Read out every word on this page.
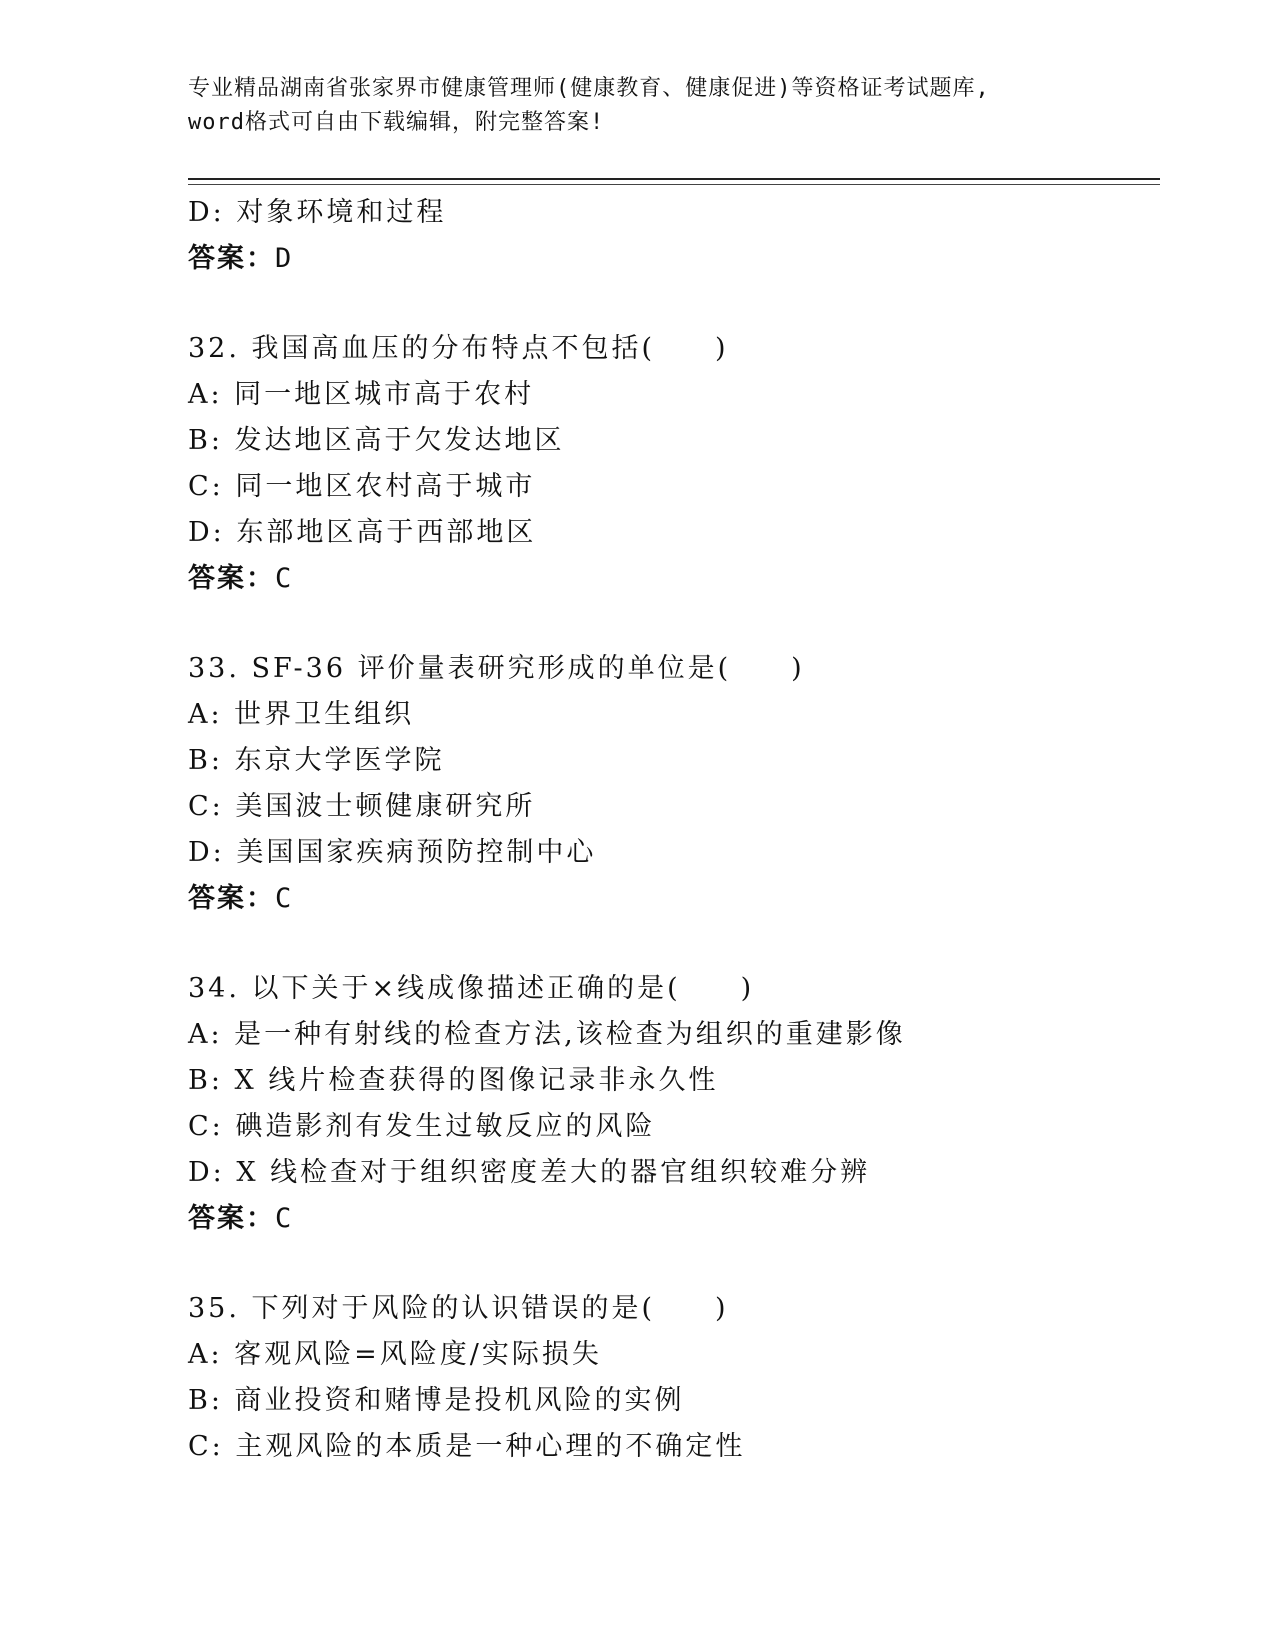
专业精品湖南省张家界市健康管理师(健康教育、健康促进)等资格证考试题库,
word格式可自由下载编辑，附完整答案!
D: 对象环境和过程
答案：D
32. 我国高血压的分布特点不包括(　　)
A: 同一地区城市高于农村
B: 发达地区高于欠发达地区
C: 同一地区农村高于城市
D: 东部地区高于西部地区
答案：C
33. SF-36 评价量表研究形成的单位是(　　)
A: 世界卫生组织
B: 东京大学医学院
C: 美国波士顿健康研究所
D: 美国国家疾病预防控制中心
答案：C
34. 以下关于×线成像描述正确的是(　　)
A: 是一种有射线的检查方法,该检查为组织的重建影像
B: X 线片检查获得的图像记录非永久性
C: 碘造影剂有发生过敏反应的风险
D: X 线检查对于组织密度差大的器官组织较难分辨
答案：C
35. 下列对于风险的认识错误的是(　　)
A: 客观风险=风险度/实际损失
B: 商业投资和赌博是投机风险的实例
C: 主观风险的本质是一种心理的不确定性
